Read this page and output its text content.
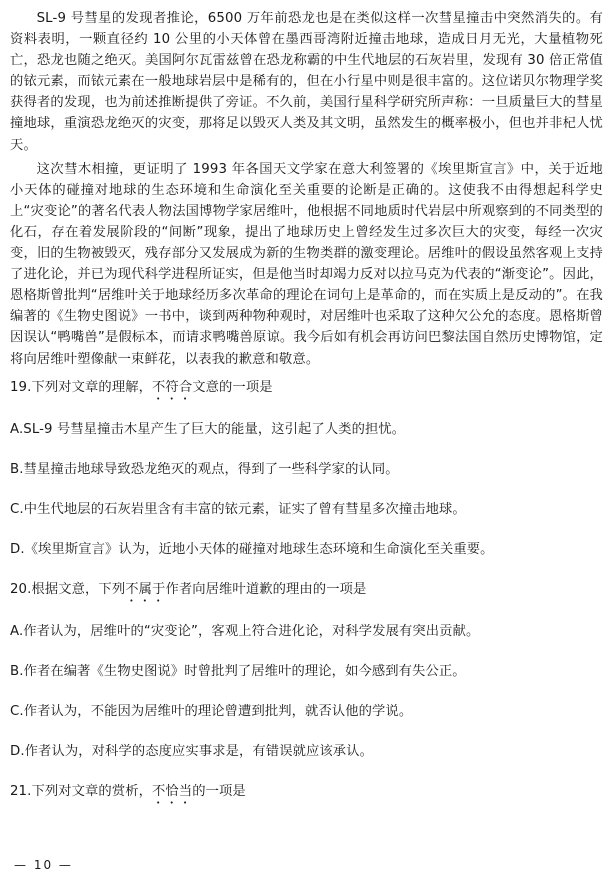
SL-9 号彗星的发现者推论，6500 万年前恐龙也是在类似这样一次彗星撞击中突然消失的。有资料表明，一颗直径约 10 公里的小天体曾在墨西哥湾附近撞击地球，造成日月无光，大量植物死亡，恐龙也随之绝灭。美国阿尔瓦雷兹曾在恐龙称霸的中生代地层的石灰岩里，发现有 30 倍正常值的铱元素，而铱元素在一般地球岩层中是稀有的，但在小行星中则是很丰富的。这位诺贝尔物理学奖获得者的发现，也为前述推断提供了旁证。不久前，美国行星科学研究所声称：一旦质量巨大的彗星撞地球，重演恐龙绝灭的灾变，那将足以毁灭人类及其文明，虽然发生的概率极小，但也并非杞人忧天。

这次彗木相撞，更证明了 1993 年各国天文学家在意大利签署的《埃里斯宣言》中，关于近地小天体的碰撞对地球的生态环境和生命演化至关重要的论断是正确的。这使我不由得想起科学史上“灾变论”的著名代表人物法国博物学家居维叶，他根据不同地质时代岩层中所观察到的不同类型的化石，存在着发展阶段的“间断”现象，提出了地球历史上曾经发生过多次巨大的灾变，每经一次灾变，旧的生物被毁灭，残存部分又发展成为新的生物类群的激变理论。居维叶的假设虽然客观上支持了进化论，并已为现代科学进程所证实，但是他当时却竭力反对以拉马克为代表的“渐变论”。因此，恩格斯曾批判“居维叶关于地球经历多次革命的理论在词句上是革命的，而在实质上是反动的”。在我编著的《生物史图说》一书中，谈到两种物种观时，对居维叶也采取了这种欠公允的态度。恩格斯曾因误认“鸭嘴兽”是假标本，而请求鸭嘴兽原谅。我今后如有机会再访问巴黎法国自然历史博物馆，定将向居维叶塑像献一束鲜花，以表我的歉意和敬意。

19.下列对文章的理解，不符合文意的一项是

A.SL-9 号彗星撞击木星产生了巨大的能量，这引起了人类的担忧。

B.彗星撞击地球导致恐龙绝灭的观点，得到了一些科学家的认同。

C.中生代地层的石灰岩里含有丰富的铱元素，证实了曾有彗星多次撞击地球。

D.《埃里斯宣言》认为，近地小天体的碰撞对地球生态环境和生命演化至关重要。

20.根据文意，下列不属于作者向居维叶道歉的理由的一项是

A.作者认为，居维叶的“灾变论”，客观上符合进化论，对科学发展有突出贡献。

B.作者在编著《生物史图说》时曾批判了居维叶的理论，如今感到有失公正。

C.作者认为，不能因为居维叶的理论曾遭到批判，就否认他的学说。

D.作者认为，对科学的态度应实事求是，有错误就应该承认。

21.下列对文章的赏析，不恰当的一项是

— 10 —
